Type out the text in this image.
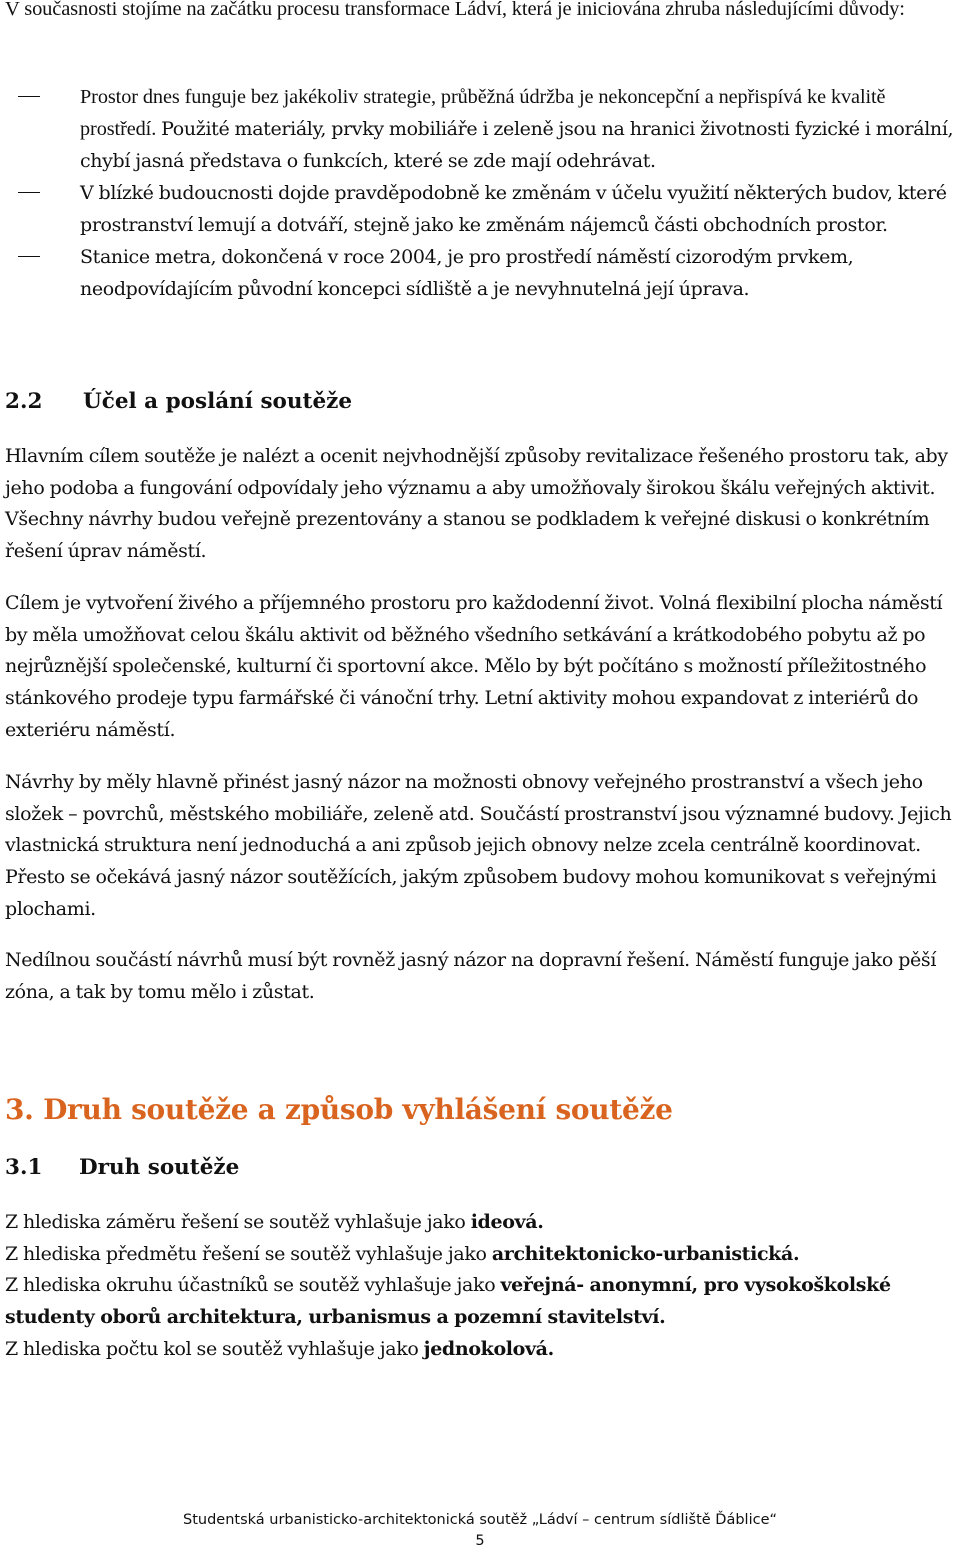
V současnosti stojíme na začátku procesu transformace Ládví, která je iniciována zhruba následujícími důvody:

Prostor dnes funguje bez jakékoliv strategie, průběžná údržba je nekoncepční a nepřispívá ke kvalitě prostředí. Použité materiály, prvky mobiliáře i zeleně jsou na hranici životnosti fyzické i morální, chybí jasná představa o funkcích, které se zde mají odehrávat.
V blízké budoucnosti dojde pravděpodobně ke změnám v účelu využití některých budov, které prostranství lemují a dotváří, stejně jako ke změnám nájemců části obchodních prostor.
Stanice metra, dokončená v roce 2004, je pro prostředí náměstí cizorodým prvkem, neodpovídajícím původní koncepci sídliště a je nevyhnutelná její úprava.
2.2 Účel a poslání soutěže

Hlavním cílem soutěže je nalézt a ocenit nejvhodnější způsoby revitalizace řešeného prostoru tak, aby jeho podoba a fungování odpovídaly jeho významu a aby umožňovaly širokou škálu veřejných aktivit. Všechny návrhy budou veřejně prezentovány a stanou se podkladem k veřejné diskusi o konkrétním řešení úprav náměstí.

Cílem je vytvoření živého a příjemného prostoru pro každodenní život. Volná flexibilní plocha náměstí by měla umožňovat celou škálu aktivit od běžného všedního setkávání a krátkodobého pobytu až po nejrůznější společenské, kulturní či sportovní akce. Mělo by být počítáno s možností příležitostného stánkového prodeje typu farmářské či vánoční trhy. Letní aktivity mohou expandovat z interiérů do exteriéru náměstí.

Návrhy by měly hlavně přinést jasný názor na možnosti obnovy veřejného prostranství a všech jeho složek – povrchů, městského mobiliáře, zeleně atd. Součástí prostranství jsou významné budovy. Jejich vlastnická struktura není jednoduchá a ani způsob jejich obnovy nelze zcela centrálně koordinovat. Přesto se očekává jasný názor soutěžících, jakým způsobem budovy mohou komunikovat s veřejnými plochami.

Nedílnou součástí návrhů musí být rovněž jasný názor na dopravní řešení. Náměstí funguje jako pěší zóna, a tak by tomu mělo i zůstat.

3. Druh soutěže a způsob vyhlášení soutěže
3.1 Druh soutěže

Z hlediska záměru řešení se soutěž vyhlašuje jako ideová.

Z hlediska předmětu řešení se soutěž vyhlašuje jako architektonicko-urbanistická.

Z hlediska okruhu účastníků se soutěž vyhlašuje jako veřejná- anonymní, pro vysokoškolské studenty oborů architektura, urbanismus a pozemní stavitelství.

Z hlediska počtu kol se soutěž vyhlašuje jako jednokolová.

Studentská urbanisticko-architektonická soutěž „Ládví – centrum sídliště Ďáblice“
5
